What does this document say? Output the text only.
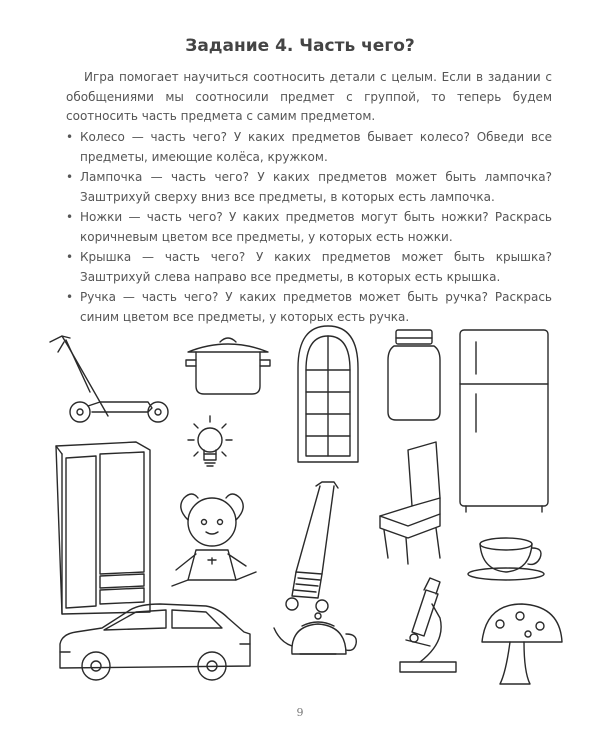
Задание 4. Часть чего?

Игра помогает научиться соотносить детали с целым. Если в задании с обобщениями мы соотносили предмет с группой, то теперь будем соотносить часть предмета с самим предметом.

• Колесо — часть чего? У каких предметов бывает колесо? Обведи все предметы, имеющие колёса, кружком.
• Лампочка — часть чего? У каких предметов может быть лампочка? Заштрихуй сверху вниз все предметы, в которых есть лампочка.
• Ножки — часть чего? У каких предметов могут быть ножки? Раскрась коричневым цветом все предметы, у которых есть ножки.
• Крышка — часть чего? У каких предметов может быть крышка? Заштрихуй слева направо все предметы, в которых есть крышка.
• Ручка — часть чего? У каких предметов может быть ручка? Раскрась синим цветом все предметы, у которых есть ручка.
9
